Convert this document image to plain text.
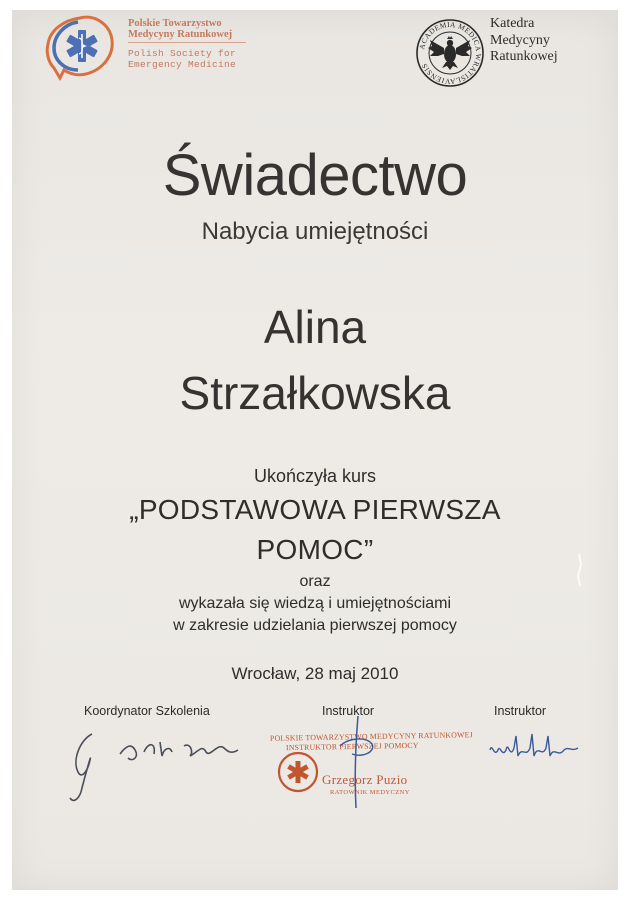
Polskie Towarzystwo
Medycyny Ratunkowej
Polish Society for
Emergency Medicine
ACADEMIA MEDICA WRATISLAVIENSIS
Katedra
Medycyny
Ratunkowej
Świadectwo
Nabycia umiejętności
Alina
Strzałkowska
Ukończyła kurs
„PODSTAWOWA PIERWSZA
POMOC”
oraz
wykazała się wiedzą i umiejętnościami
w zakresie udzielania pierwszej pomocy
Wrocław, 28 maj 2010
Koordynator Szkolenia	Instruktor	Instruktor
POLSKIE TOWARZYSTWO MEDYCYNY RATUNKOWEJ
INSTRUKTOR PIERWSZEJ POMOCY
Grzegorz Puzio
RATOWNIK MEDYCZNY
